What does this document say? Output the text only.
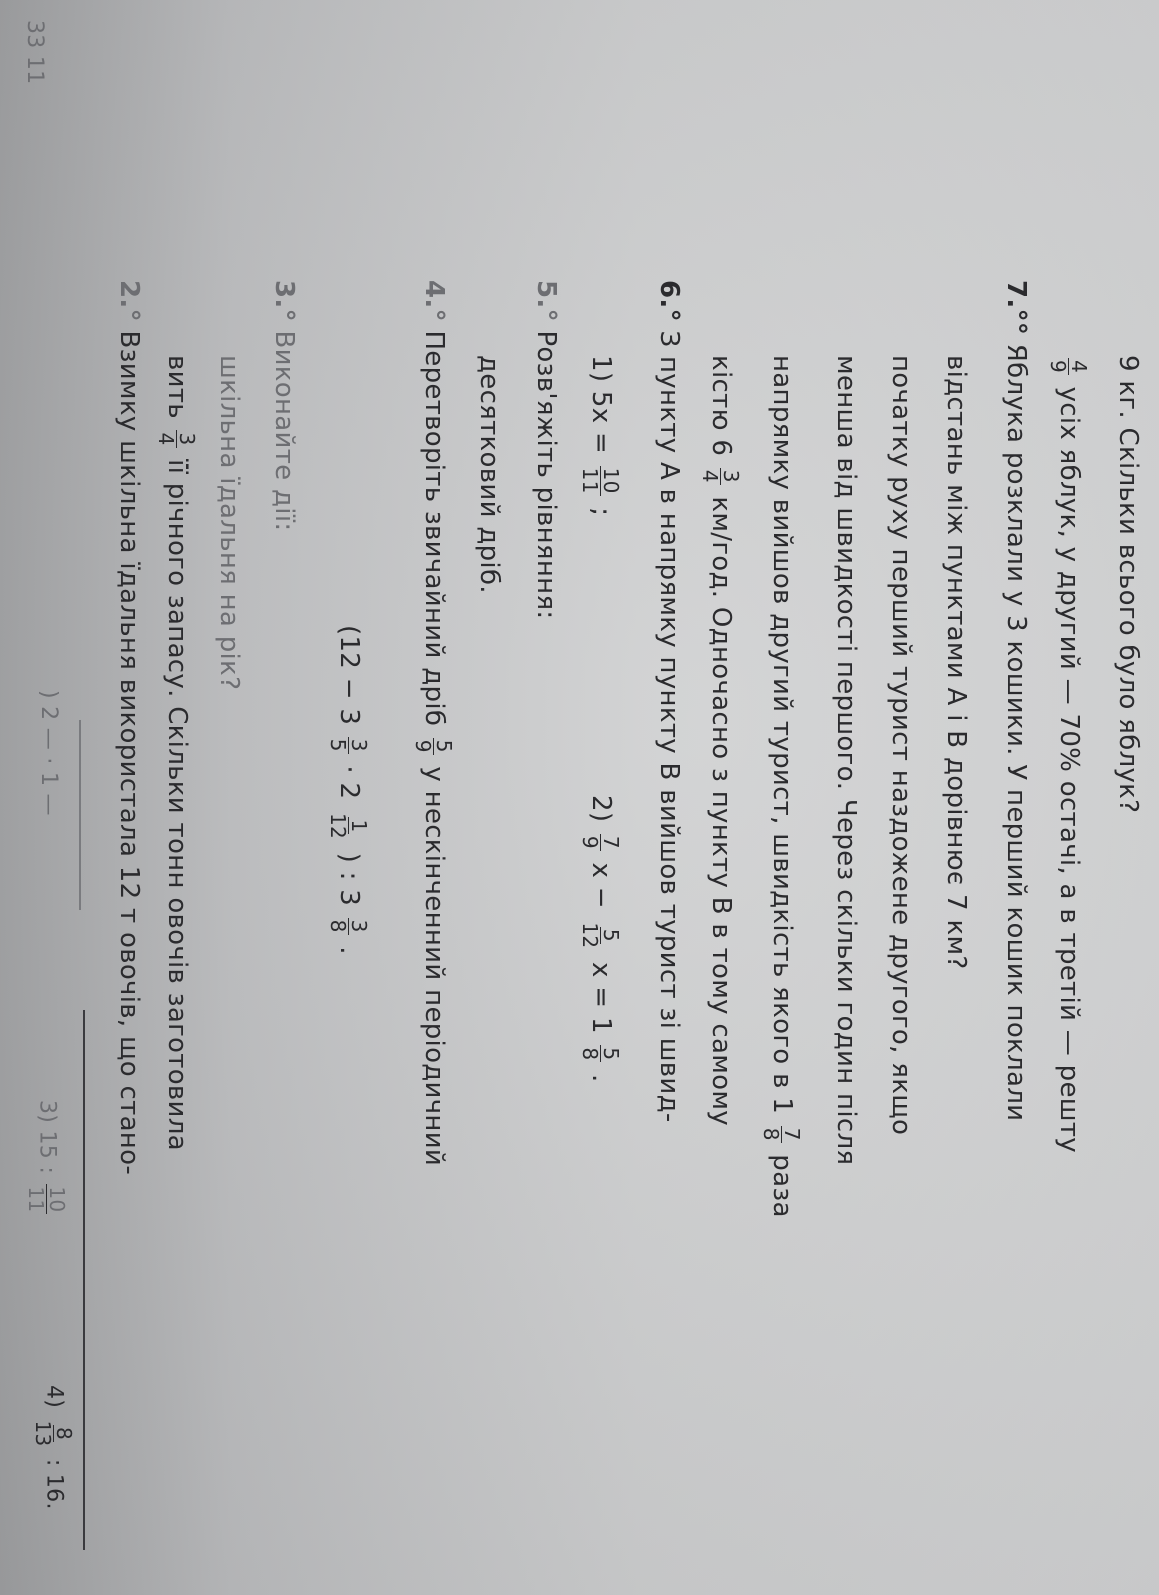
33 11
) 2 — · 1 —
3) 15 :
10
11
4)
8
13
: 16.
2.° Взимку шкільна їдальня використала 12 т овочів, що стано- вить
3
4
її річного запасу. Скільки тонн овочів заготовила шкільна їдальня на рік?
3.° Виконайте дії:
(12 − 3
3
5
· 2
1
12
) : 3
3
8
.
4.° Перетворіть звичайний дріб
5
9
у нескінченний періодичний
десятковий дріб.
5.° Розв'яжіть рівняння: 1) 5x =
10
11
;
2)
7
9
x −
5
12
x = 1
5
8
.
6.° З пункту A в напрямку пункту B вийшов турист зі швид- кістю 6
3
4
км/год. Одночасно з пункту B в тому самому напрямку вийшов другий турист, швидкість якого в 1
7
8
раза
менша від швидкості першого. Через скільки годин після початку руху перший турист наздожене другого, якщо відстань між пунктами A і B дорівнює 7 км?
7.°° Яблука розклали у 3 кошики. У перший кошик поклали 4
9
усіх яблук, у другий — 70% остачі, а в третій — решту 9 кг. Скільки всього було яблук?
